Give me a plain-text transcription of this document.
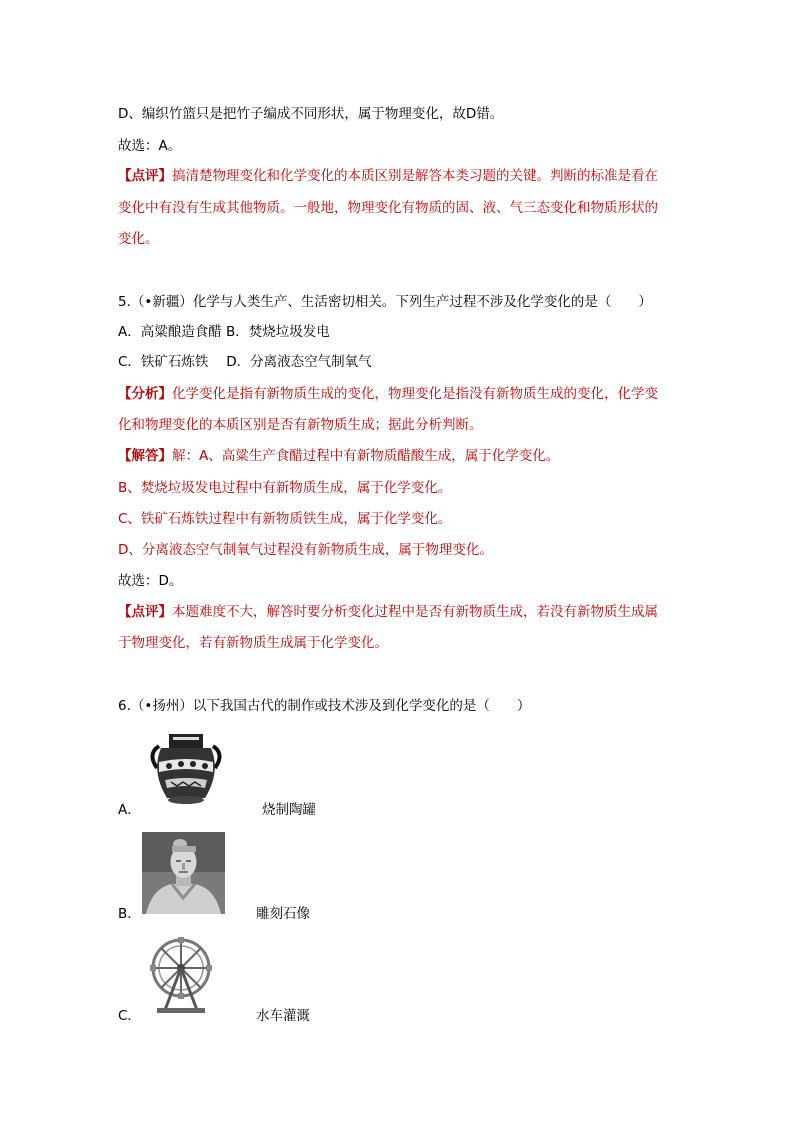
D、编织竹篮只是把竹子编成不同形状，属于物理变化，故D错。
故选：A。
【点评】搞清楚物理变化和化学变化的本质区别是解答本类习题的关键。判断的标准是看在
变化中有没有生成其他物质。一般地，物理变化有物质的固、液、气三态变化和物质形状的
变化。
5.（•新疆）化学与人类生产、生活密切相关。下列生产过程不涉及化学变化的是（　　）
A．高粱酿造食醋 B．焚烧垃圾发电
C．铁矿石炼铁　 D．分离液态空气制氧气
【分析】化学变化是指有新物质生成的变化，物理变化是指没有新物质生成的变化，化学变
化和物理变化的本质区别是否有新物质生成；据此分析判断。
【解答】解：A、高粱生产食醋过程中有新物质醋酸生成，属于化学变化。
B、焚烧垃圾发电过程中有新物质生成，属于化学变化。
C、铁矿石炼铁过程中有新物质铁生成，属于化学变化。
D、分离液态空气制氧气过程没有新物质生成，属于物理变化。
故选：D。
【点评】本题难度不大，解答时要分析变化过程中是否有新物质生成，若没有新物质生成属
于物理变化，若有新物质生成属于化学变化。
6.（•扬州）以下我国古代的制作或技术涉及到化学变化的是（　　）
A．	烧制陶罐
B．	雕刻石像
C．	水车灌溉
